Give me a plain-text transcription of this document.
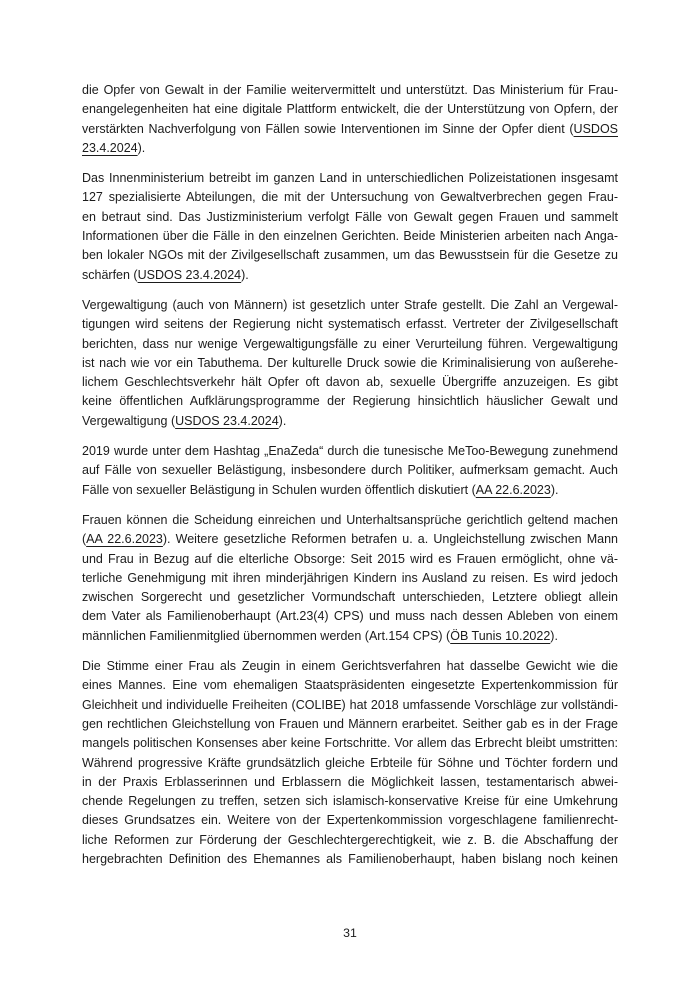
die Opfer von Gewalt in der Familie weitervermittelt und unterstützt. Das Ministerium für Frau-
enangelegenheiten hat eine digitale Plattform entwickelt, die der Unterstützung von Opfern, der
verstärkten Nachverfolgung von Fällen sowie Interventionen im Sinne der Opfer dient (USDOS
23.4.2024).
Das Innenministerium betreibt im ganzen Land in unterschiedlichen Polizeistationen insgesamt
127 spezialisierte Abteilungen, die mit der Untersuchung von Gewaltverbrechen gegen Frau-
en betraut sind. Das Justizministerium verfolgt Fälle von Gewalt gegen Frauen und sammelt
Informationen über die Fälle in den einzelnen Gerichten. Beide Ministerien arbeiten nach Anga-
ben lokaler NGOs mit der Zivilgesellschaft zusammen, um das Bewusstsein für die Gesetze zu
schärfen (USDOS 23.4.2024).
Vergewaltigung (auch von Männern) ist gesetzlich unter Strafe gestellt. Die Zahl an Vergewal-
tigungen wird seitens der Regierung nicht systematisch erfasst. Vertreter der Zivilgesellschaft
berichten, dass nur wenige Vergewaltigungsfälle zu einer Verurteilung führen. Vergewaltigung
ist nach wie vor ein Tabuthema. Der kulturelle Druck sowie die Kriminalisierung von außerehe-
lichem Geschlechtsverkehr hält Opfer oft davon ab, sexuelle Übergriffe anzuzeigen. Es gibt
keine öffentlichen Aufklärungsprogramme der Regierung hinsichtlich häuslicher Gewalt und
Vergewaltigung (USDOS 23.4.2024).
2019 wurde unter dem Hashtag „EnaZeda“ durch die tunesische MeToo-Bewegung zunehmend
auf Fälle von sexueller Belästigung, insbesondere durch Politiker, aufmerksam gemacht. Auch
Fälle von sexueller Belästigung in Schulen wurden öffentlich diskutiert (AA 22.6.2023).
Frauen können die Scheidung einreichen und Unterhaltsansprüche gerichtlich geltend machen
(AA 22.6.2023). Weitere gesetzliche Reformen betrafen u. a. Ungleichstellung zwischen Mann
und Frau in Bezug auf die elterliche Obsorge: Seit 2015 wird es Frauen ermöglicht, ohne vä-
terliche Genehmigung mit ihren minderjährigen Kindern ins Ausland zu reisen. Es wird jedoch
zwischen Sorgerecht und gesetzlicher Vormundschaft unterschieden, Letztere obliegt allein
dem Vater als Familienoberhaupt (Art.23(4) CPS) und muss nach dessen Ableben von einem
männlichen Familienmitglied übernommen werden (Art.154 CPS) (ÖB Tunis 10.2022).
Die Stimme einer Frau als Zeugin in einem Gerichtsverfahren hat dasselbe Gewicht wie die
eines Mannes. Eine vom ehemaligen Staatspräsidenten eingesetzte Expertenkommission für
Gleichheit und individuelle Freiheiten (COLIBE) hat 2018 umfassende Vorschläge zur vollständi-
gen rechtlichen Gleichstellung von Frauen und Männern erarbeitet. Seither gab es in der Frage
mangels politischen Konsenses aber keine Fortschritte. Vor allem das Erbrecht bleibt umstritten:
Während progressive Kräfte grundsätzlich gleiche Erbteile für Söhne und Töchter fordern und
in der Praxis Erblasserinnen und Erblassern die Möglichkeit lassen, testamentarisch abwei-
chende Regelungen zu treffen, setzen sich islamisch-konservative Kreise für eine Umkehrung
dieses Grundsatzes ein. Weitere von der Expertenkommission vorgeschlagene familienrecht-
liche Reformen zur Förderung der Geschlechtergerechtigkeit, wie z. B. die Abschaffung der
hergebrachten Definition des Ehemannes als Familienoberhaupt, haben bislang noch keinen
31
